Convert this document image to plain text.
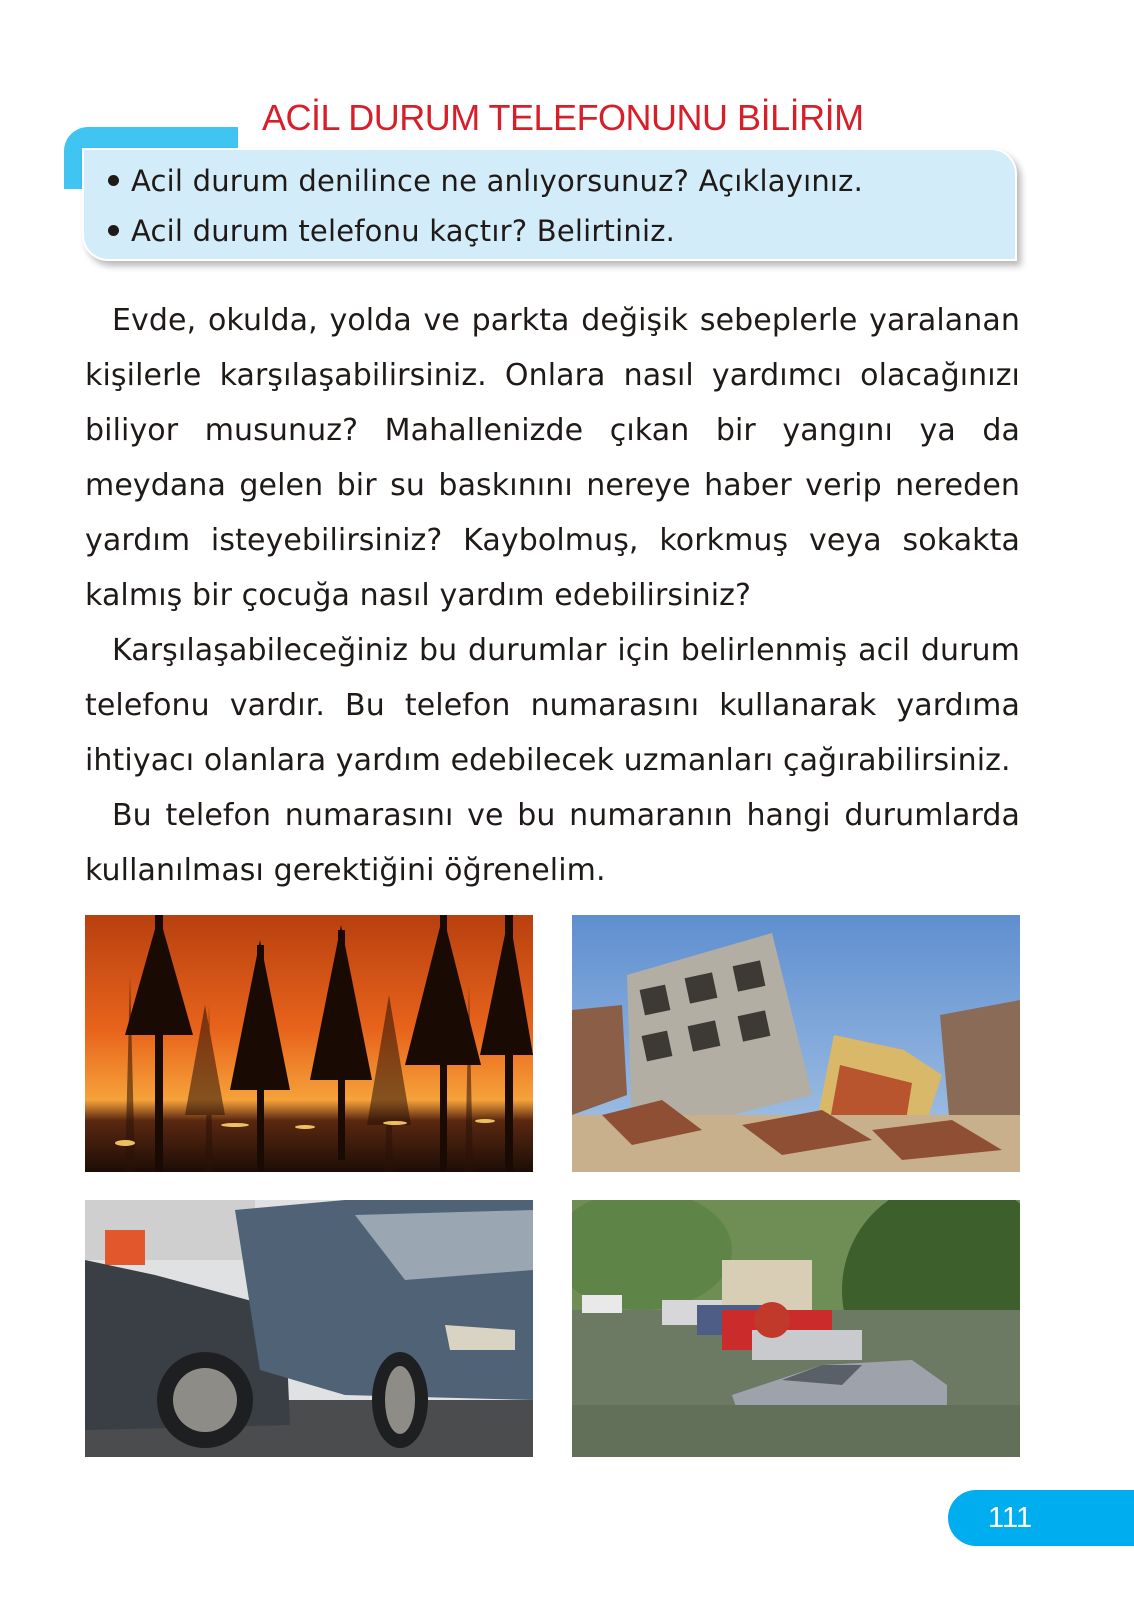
ACİL DURUM TELEFONUNU BİLİRİM
Acil durum denilince ne anlıyorsunuz? Açıklayınız.
Acil durum telefonu kaçtır? Belirtiniz.

Evde, okulda, yolda ve parkta değişik sebeplerle yaralanan kişilerle karşılaşabilirsiniz. Onlara nasıl yardımcı olacağınızı biliyor musunuz? Mahallenizde çıkan bir yangını ya da meydana gelen bir su baskınını nereye haber verip nereden yardım isteyebilirsiniz? Kaybolmuş, korkmuş veya sokakta kalmış bir çocuğa nasıl yardım edebilirsiniz?

Karşılaşabileceğiniz bu durumlar için belirlenmiş acil durum telefonu vardır. Bu telefon numarasını kullanarak yardıma ihtiyacı olanlara yardım edebilecek uzmanları çağırabilirsiniz.

Bu telefon numarasını ve bu numaranın hangi durumlarda kullanılması gerektiğini öğrenelim.

111
